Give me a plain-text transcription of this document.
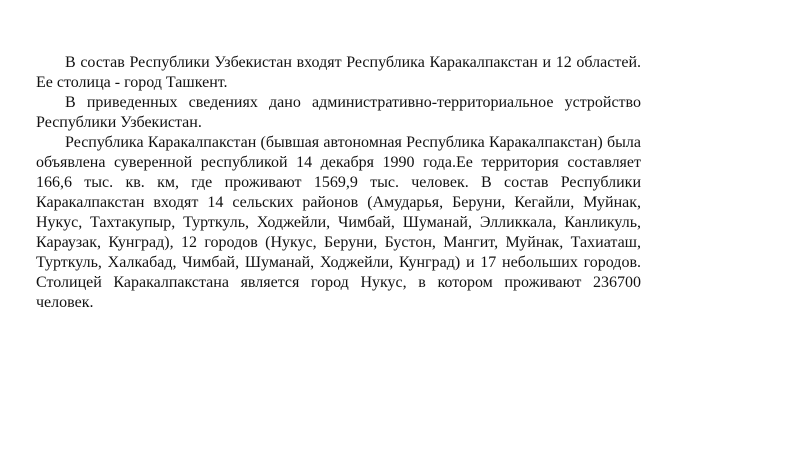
В состав Республики Узбекистан входят Республика Каракалпакстан и 12 областей. Ее столица - город Ташкент.

В приведенных сведениях дано административно-территориальное устройство Республики Узбекистан.

Республика Каракалпакстан (бывшая автономная Республика Каракалпакстан) была объявлена суверенной республикой 14 декабря 1990 года.Ее территория составляет 166,6 тыс. кв. км, где проживают 1569,9 тыс. человек. В состав Республики Каракалпакстан входят 14 сельских районов (Амударья, Беруни, Кегайли, Муйнак, Нукус, Тахтакупыр, Турткуль, Ходжейли, Чимбай, Шуманай, Элликкала, Канликуль, Караузак, Кунград), 12 городов (Нукус, Беруни, Бустон, Мангит, Муйнак, Тахиаташ, Турткуль, Халкабад, Чимбай, Шуманай, Ходжейли, Кунград) и 17 небольших городов. Столицей Каракалпакстана является город Нукус, в котором проживают 236700 человек.
